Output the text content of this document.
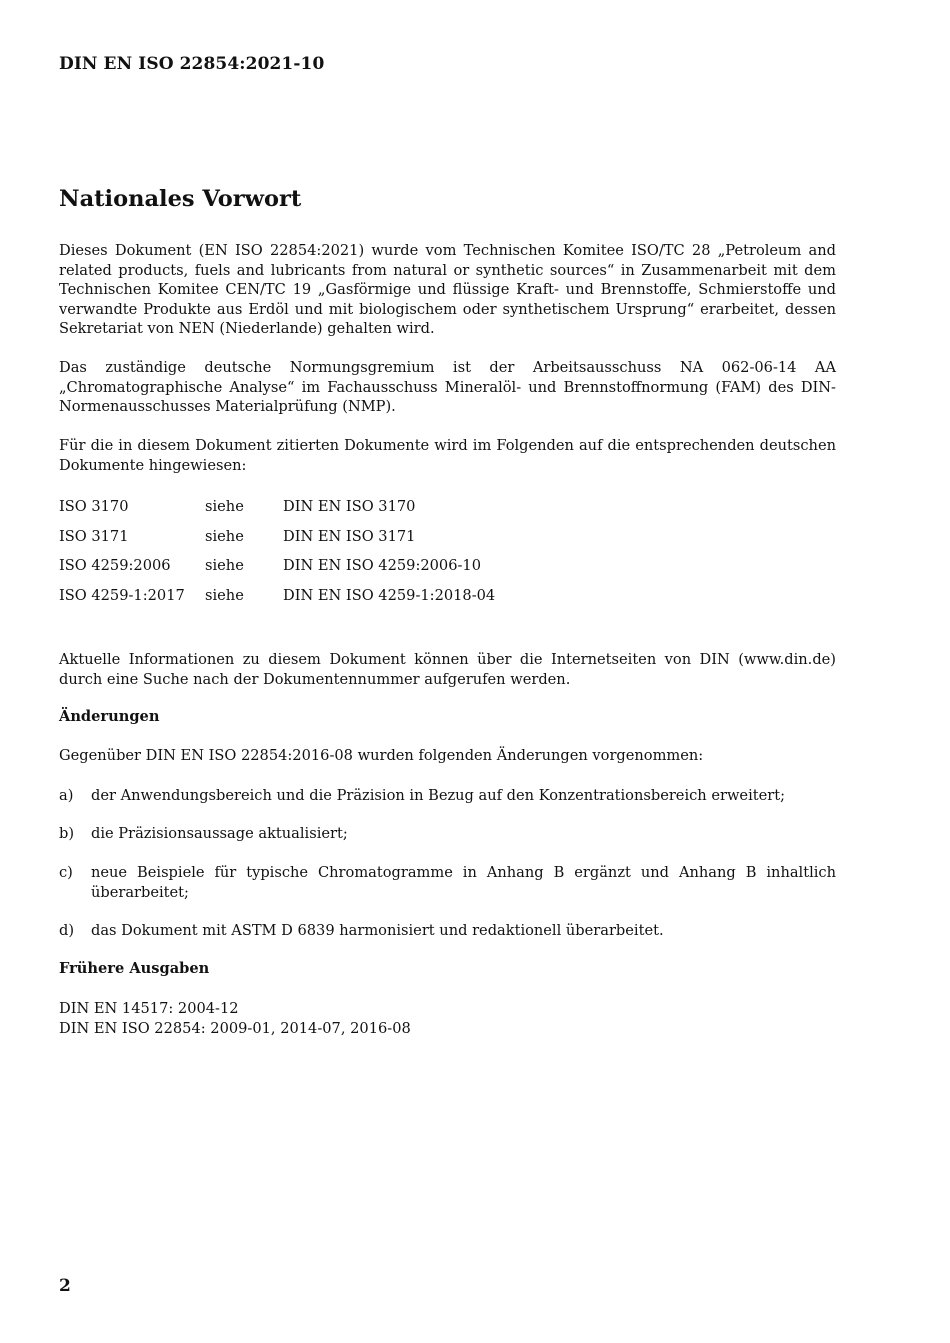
DIN EN ISO 22854:2021-10
Nationales Vorwort

Dieses Dokument (EN ISO 22854:2021) wurde vom Technischen Komitee ISO/TC 28 „Petroleum and related products, fuels and lubricants from natural or synthetic sources“ in Zusammenarbeit mit dem Technischen Komitee CEN/TC 19 „Gasförmige und flüssige Kraft- und Brennstoffe, Schmierstoffe und verwandte Produkte aus Erdöl und mit biologischem oder synthetischem Ursprung“ erarbeitet, dessen Sekretariat von NEN (Niederlande) gehalten wird.

Das zuständige deutsche Normungsgremium ist der Arbeitsausschuss NA 062-06-14 AA „Chromatographische Analyse“ im Fachausschuss Mineralöl- und Brennstoffnormung (FAM) des DIN-Normenausschusses Materialprüfung (NMP).

Für die in diesem Dokument zitierten Dokumente wird im Folgenden auf die entsprechenden deutschen Dokumente hingewiesen:

ISO 3170	siehe	DIN EN ISO 3170
ISO 3171	siehe	DIN EN ISO 3171
ISO 4259:2006	siehe	DIN EN ISO 4259:2006-10
ISO 4259-1:2017	siehe	DIN EN ISO 4259-1:2018-04

Aktuelle Informationen zu diesem Dokument können über die Internetseiten von DIN (www.din.de) durch eine Suche nach der Dokumentennummer aufgerufen werden.

Änderungen

Gegenüber DIN EN ISO 22854:2016-08 wurden folgenden Änderungen vorgenommen:

a)	der Anwendungsbereich und die Präzision in Bezug auf den Konzentrationsbereich erweitert;
b)	die Präzisionsaussage aktualisiert;
c)	neue Beispiele für typische Chromatogramme in Anhang B ergänzt und Anhang B inhaltlich überarbeitet;
d)	das Dokument mit ASTM D 6839 harmonisiert und redaktionell überarbeitet.

Frühere Ausgaben

DIN EN 14517: 2004-12
DIN EN ISO 22854: 2009-01, 2014-07, 2016-08
2
